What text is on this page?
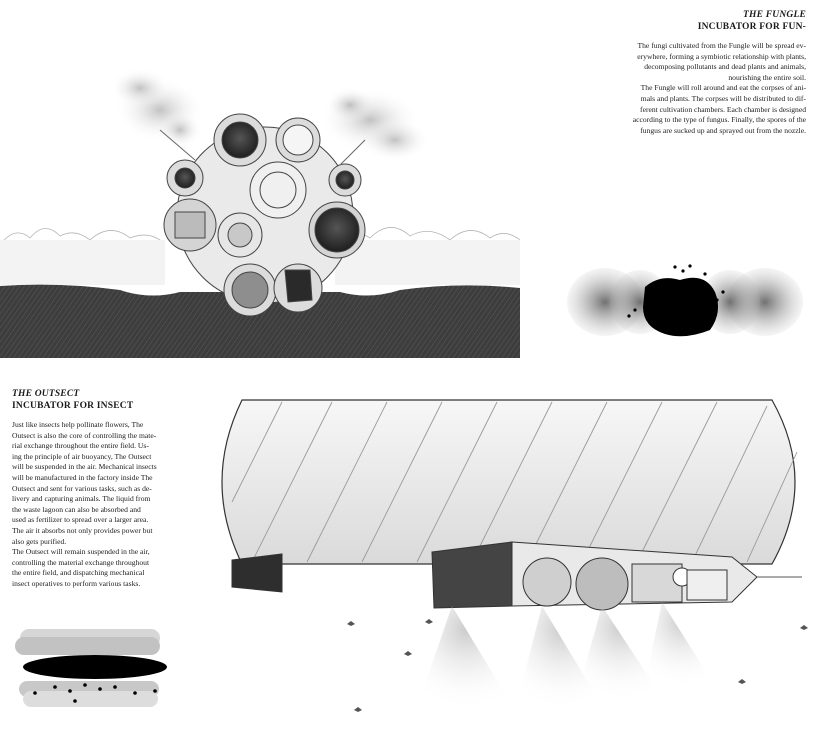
THE FUNGLE
INCUBATOR FOR FUN-
The fungi cultivated from the Fungle will be spread ev-
erywhere, forming a symbiotic relationship with plants,
decomposing pollutants and dead plants and animals,
nourishing the entire soil.
The Fungle will roll around and eat the corpses of ani-
mals and plants. The corpses will be distributed to dif-
ferent cultivation chambers. Each chamber is designed
according to the type of fungus. Finally, the spores of the
fungus are sucked up and sprayed out from the nozzle.
THE OUTSECT
INCUBATOR FOR INSECT
Just like insects help pollinate flowers, The
Outsect is also the core of controlling the mate-
rial exchange throughout the entire field. Us-
ing the principle of air buoyancy, The Outsect
will be suspended in the air. Mechanical insects
will be manufactured in the factory inside The
Outsect and sent for various tasks, such as de-
livery and capturing animals. The liquid from
the waste lagoon can also be absorbed and
used as fertilizer to spread over a larger area.
The air it absorbs not only provides power but
also gets purified.
The Outsect will remain suspended in the air,
controlling the material exchange throughout
the entire field, and dispatching mechanical
insect operatives to perform various tasks.
